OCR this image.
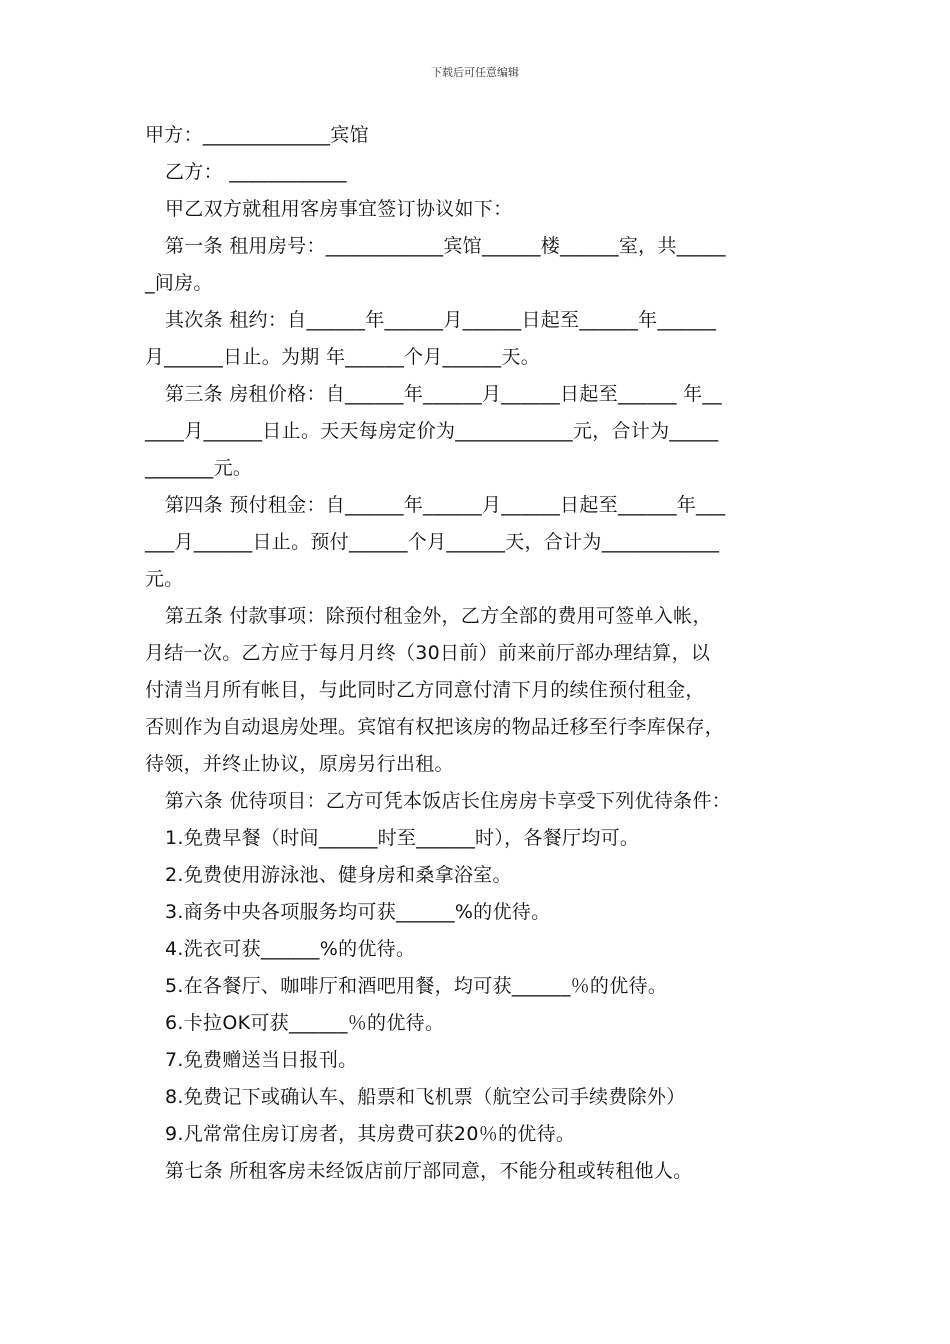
下载后可任意编辑
甲方：_____________宾馆
乙方： ____________
甲乙双方就租用客房事宜签订协议如下：
第一条 租用房号：____________宾馆______楼______室，共_____
_间房。
其次条 租约：自______年______月______日起至______年______
月______日止。为期 年______个月______天。
第三条 房租价格：自______年______月______日起至______ 年__
____月______日止。天天每房定价为____________元，合计为_____
_______元。
第四条 预付租金：自______年______月______日起至______年___
___月______日止。预付______个月______天，合计为____________
元。
第五条 付款事项：除预付租金外，乙方全部的费用可签单入帐，
月结一次。乙方应于每月月终（30日前）前来前厅部办理结算，以
付清当月所有帐目，与此同时乙方同意付清下月的续住预付租金，
否则作为自动退房处理。宾馆有权把该房的物品迁移至行李库保存，
待领，并终止协议，原房另行出租。
第六条 优待项目：乙方可凭本饭店长住房房卡享受下列优待条件：
1.免费早餐（时间______时至______时），各餐厅均可。
2.免费使用游泳池、健身房和桑拿浴室。
3.商务中央各项服务均可获______%的优待。
4.洗衣可获______%的优待。
5.在各餐厅、咖啡厅和酒吧用餐，均可获______％的优待。
6.卡拉OK可获______％的优待。
7.免费赠送当日报刊。
8.免费记下或确认车、船票和飞机票（航空公司手续费除外）
9.凡常常住房订房者，其房费可获20％的优待。
第七条 所租客房未经饭店前厅部同意，不能分租或转租他人。
